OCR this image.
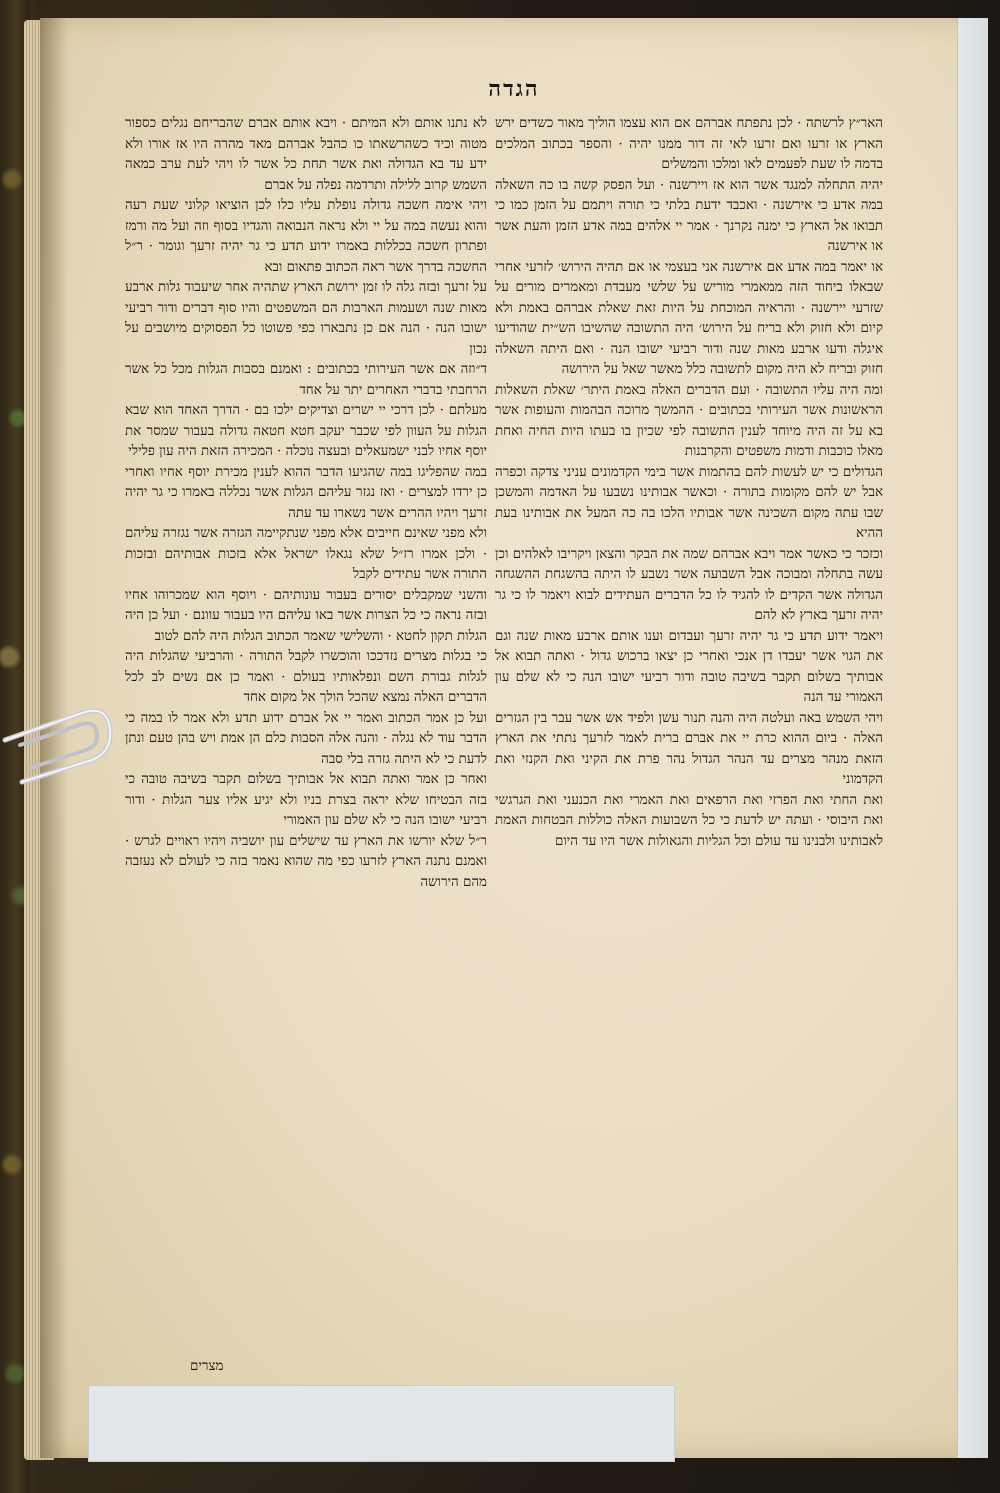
הגדה

האר״ץ לרשתה · לכן נתפתח אברהם אם הוא עצמו הוליך מאור כשדים ירש הארץ או זרעו ואם זרעו לאי זה דור ממנו יהיה · והספר בכתוב המלכים בדמה לו שעת לפעמים לאו ומלכו והמשלים

יהיה התחלה למנגד אשר הוא אז ויירשנה · ועל הפסק קשה בו כה השאלה במה אדע כי אירשנה · ואכבד ידעת בלתי כי תורה ויתמם על הזמן כמו כי תבואו אל הארץ כי ימנה נקרנך · אמר יי אלהים במה אדע הזמן והעת אשר או אירשנה

או יאמר במה אדע אם אירשנה אני בעצמי או אם תהיה הירוש׳ לזרעי אחרי שבאלו ביחוד הזה ממאמרי מוריש על שלשי מעבדת ומאמרים מורים על שזרעי יירשנה · והראיה המוכחת על היות זאת שאלת אברהם באמת ולא קיום ולא חזוק ולא בריח על הירוש׳ היה התשובה שהשיבו הש״ית שהודיעו איגלה ודעו ארבע מאות שנה ודור רביעי ישובו הנה · ואם היתה השאלה חזוק ובריח לא היה מקום לתשובה כלל מאשר שאל על הירושה

ומה היה עליו התשובה · ועם הדברים האלה באמת היתר׳ שאלת השאלות הראשונות אשר העירותי בכתובים · ההמשך מרוכה הבהמות והעופות אשר בא על זה היה מיוחד לענין התשובה לפי שכיון בו בעתו היות החיה ואחת מאלו כוכבות ודמות משפטים והקרבנות

הגדולים כי יש לעשות להם בהתמות אשר בימי הקדמונים עניני צדקה וכפרה אבל יש להם מקומות בתורה · וכאשר אבותינו נשבעו על האדמה והמשכן שבו עתה מקום השכינה אשר אבותיו הלכו בה כה המעל את אבותינו בעת ההיא

וכזכר כי כאשר אמר ויבא אברהם שמה את הבקר והצאן ויקריבו לאלהים וכן עשה בתחלה ומבוכה אבל השבועה אשר נשבע לו היתה בהשגחת ההשגחה הגדולה אשר הקדים לו להגיד לו כל הדברים העתידים לבוא ויאמר לו כי גר יהיה זרעך בארץ לא להם

ויאמר ידוע תדע כי גר יהיה זרעך ועבדום וענו אותם ארבע מאות שנה וגם את הגוי אשר יעבדו דן אנכי ואחרי כן יצאו ברכוש גדול · ואתה תבוא אל אבותיך בשלום תקבר בשיבה טובה ודור רביעי ישובו הנה כי לא שלם עון האמורי עד הנה

ויהי השמש באה ועלטה היה והנה תנור עשן ולפיד אש אשר עבר בין הגזרים האלה · ביום ההוא כרת יי את אברם ברית לאמר לזרעך נתתי את הארץ הזאת מנהר מצרים עד הנהר הגדול נהר פרת את הקיני ואת הקנזי ואת הקדמוני

ואת החתי ואת הפרזי ואת הרפאים ואת האמרי ואת הכנעני ואת הגרגשי ואת היבוסי · ועתה יש לדעת כי כל השבועות האלה כוללות הבטחות האמת לאבותינו ולבנינו עד עולם וכל הגליות והגאולות אשר היו עד היום

לא נתנו אותם ולא המיתם · ויבא אותם אברם שהבריחם נגלים כספור מטוה וכיד כשהרשאתו כו כהבל אברהם מאד מהרה היו אז אורו ולא ידע עד בא הגדולה ואת אשר תחת כל אשר לו ויהי לעת ערב כמאה השמש קרוב ללילה ותרדמה נפלה על אברם

ויהי אימה חשכה גדולה נופלת עליו כלו לכן הוציאו קלוני שעת רעה והוא נעשה במה על יי ולא נראה הנבואה והגדיו בסוף וזה ועל מה ורמז ופתרון חשכה בכללות באמרו ידוע תדע כי גר יהיה זרעך וגומר · ר״ל החשכה בדרך אשר ראה הכתוב פתאום ובא

על זרעך ובזה גלה לו זמן ירושת הארץ שתהיה אחר שיעבוד גלות ארבע מאות שנה ושעמות הארבות הם המשפטים והיו סוף דברים ודור רביעי ישובו הנה · הנה אם כן נתבארו כפי פשוטו כל הפסוקים מיושבים על נכון

ד״וזה אם אשר העירותי בכתובים : ואמנם בסבות הגלות מכל כל אשר הרחבתי בדברי האחרים יתר על אחד

מעלתם · לכן דרכי יי ישרים וצדיקים ילכו בם · הדרך האחד הוא שבא הגלות על העוון לפי שכבר יעקב חטא חטאה גדולה בעבור שמסר את יוסף אחיו לבני ישמעאלים ובעצה נוכלה · המכירה הזאת היה עון פלילי

במה שהפליגו במה שהגיעו הדבר ההוא לענין מכירת יוסף אחיו ואחרי כן ירדו למצרים · ואז נגזר עליהם הגלות אשר נכללה באמרו כי גר יהיה זרעך ויהיו ההרים אשר נשארו עד עתה

ולא מפני שאינם חייבים אלא מפני שנתקיימה הגזרה אשר נגזרה עליהם · ולכן אמרו רז״ל שלא נגאלו ישראל אלא בזכות אבותיהם ובזכות התורה אשר עתידים לקבל

והשני שמקבלים יסורים בעבור עונותיהם · ויוסף הוא שמכרוהו אחיו ובזה נראה כי כל הצרות אשר באו עליהם היו בעבור עוונם · ועל כן היה הגלות תקון לחטא · והשלישי שאמר הכתוב הגלות היה להם לטוב

כי בגלות מצרים נזדככו והוכשרו לקבל התורה · והרביעי שהגלות היה לגלות גבורת השם ונפלאותיו בעולם · ואמר כן אם נשים לב לכל הדברים האלה נמצא שהכל הולך אל מקום אחד

ועל כן אמר הכתוב ואמר יי אל אברם ידוע תדע ולא אמר לו במה כי הדבר עוד לא נגלה · והנה אלה הסבות כלם הן אמת ויש בהן טעם ונתן לדעת כי לא היתה גזרה בלי סבה

ואחר כן אמר ואתה תבוא אל אבותיך בשלום תקבר בשיבה טובה כי בזה הבטיחו שלא יראה בצרת בניו ולא יגיע אליו צער הגלות · ודור רביעי ישובו הנה כי לא שלם עון האמורי

ר״ל שלא יורשו את הארץ עד שישלים עון יושביה ויהיו ראויים לגרש · ואמנם נתנה הארץ לזרעו כפי מה שהוא נאמר בזה כי לעולם לא נעזבה מהם הירושה

מצרים
